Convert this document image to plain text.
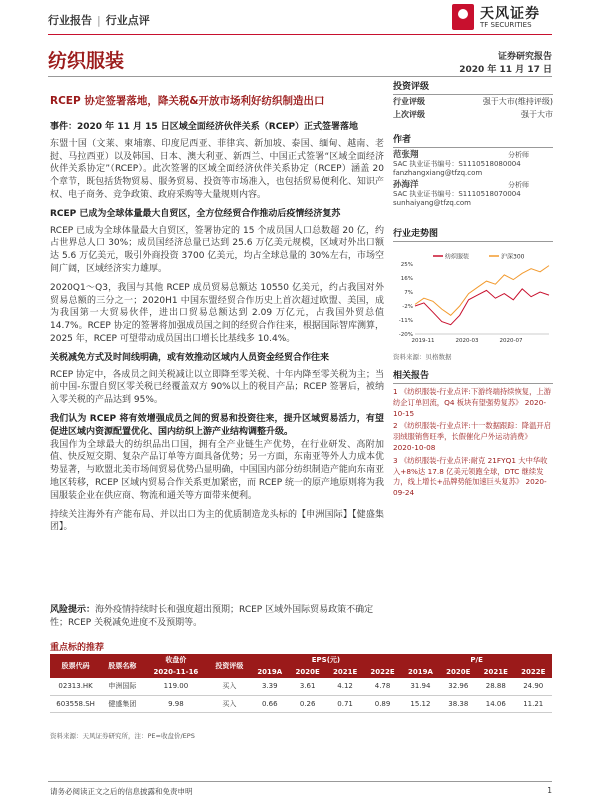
行业报告 | 行业点评	天风证券
TF SECURITIES
纺织服装	证券研究报告
2020 年 11 月 17 日
RCEP 协定签署落地，降关税&开放市场利好纺织制造出口
事件：2020 年 11 月 15 日区域全面经济伙伴关系（RCEP）正式签署落地
东盟十国（文莱、柬埔寨、印度尼西亚、菲律宾、新加坡、泰国、缅甸、越南、老挝、马拉西亚）以及韩国、日本、澳大利亚、新西兰、中国正式签署“区域全面经济伙伴关系协定”（RCEP）。此次签署的区域全面经济伙伴关系协定（RCEP）涵盖 20 个章节，既包括货物贸易、服务贸易、投资等市场准入，也包括贸易便利化、知识产权、电子商务、竞争政策、政府采购等大量规则内容。
RCEP 已成为全球体量最大自贸区，全方位经贸合作推动后疫情经济复苏
RCEP 已成为全球体量最大自贸区，签署协定的 15 个成员国人口总数超 20 亿，约占世界总人口 30%；成员国经济总量已达到 25.6 万亿美元规模，区域对外出口额达 5.6 万亿美元，吸引外商投资 3700 亿美元，均占全球总量的 30%左右，市场空间广阔，区域经济实力雄厚。
2020Q1～Q3，我国与其他 RCEP 成员贸易总额达 10550 亿美元，约占我国对外贸易总额的三分之一；2020H1 中国东盟经贸合作历史上首次超过欧盟、美国，成为我国第一大贸易伙伴，进出口贸易总额达到 2.09 万亿元，占我国外贸总值 14.7%。RCEP 协定的签署将加强成员国之间的经贸合作往来，根据国际智库测算，2025 年，RCEP 可望带动成员国出口增长比基线多 10.4%。
关税减免方式及时间线明确，或有效推动区域内人员资金经贸合作往来
RCEP 协定中，各成员之间关税减让以立即降至零关税、十年内降至零关税为主；当前中国-东盟自贸区零关税已经覆盖双方 90%以上的税目产品；RCEP 签署后，被纳入零关税的产品达到 95%。
我们认为 RCEP 将有效增强成员之间的贸易和投资往来，提升区域贸易活力，有望促进区域内资源配置优化、国内纺织上游产业结构调整升级。
我国作为全球最大的纺织品出口国，拥有全产业链生产优势，在行业研发、高附加值、快反短交期、复杂产品订单等方面具备优势；另一方面，东南亚等外人力成本优势显著，与欧盟北美市场间贸易优势凸显明确，中国国内部分纺织制造产能向东南亚地区转移，RCEP 区域内贸易合作关系更加紧密，而 RCEP 统一的原产地原则将为我国服装企业在供应商、物流和通关等方面带来便利。
持续关注海外有产能布局、并以出口为主的优质制造龙头标的【申洲国际】【健盛集团】。
风险提示：海外疫情持续时长和强度超出预期；RCEP 区域外国际贸易政策不确定性；RCEP 关税减免进度不及预期等。
投资评级
行业评级	强于大市(维持评级)
上次评级	强于大市
作者
范张翔	分析师
SAC 执业证书编号：S1110518080004
fanzhangxiang@tfzq.com
孙海洋	分析师
SAC 执业证书编号：S1110518070004
sunhaiyang@tfzq.com
行业走势图
纺织服装	沪深300
25%
16%
7%
-2%
-11%
-20%
2019-11	2020-03	2020-07
资料来源：贝格数据
相关报告
1 《纺织服装-行业点评:下游终端持续恢复，上游纺企订单回流，Q4 板块有望强势复苏》 2020-10-15
2 《纺织服装-行业点评:十一数据跟踪：降温开启羽绒服销售旺季，长假催化户外运动消费》 2020-10-08
3 《纺织服装-行业点评:耐克 21FYQ1 大中华收入+8%达 17.8 亿美元领跑全球，DTC 继续发力，线上增长+品牌势能加速巨头复苏》 2020-09-24
重点标的推荐
股票代码	股票名称	收盘价	投资评级	EPS(元)				P/E			
		2020-11-16		2019A	2020E	2021E	2022E	2019A	2020E	2021E	2022E
02313.HK	申洲国际	119.00	买入	3.39	3.61	4.12	4.78	31.94	32.96	28.88	24.90
603558.SH	健盛集团	9.98	买入	0.66	0.26	0.71	0.89	15.12	38.38	14.06	11.21
资料来源：天风证券研究所，注：PE=收盘价/EPS
请务必阅读正文之后的信息披露和免责申明	1
